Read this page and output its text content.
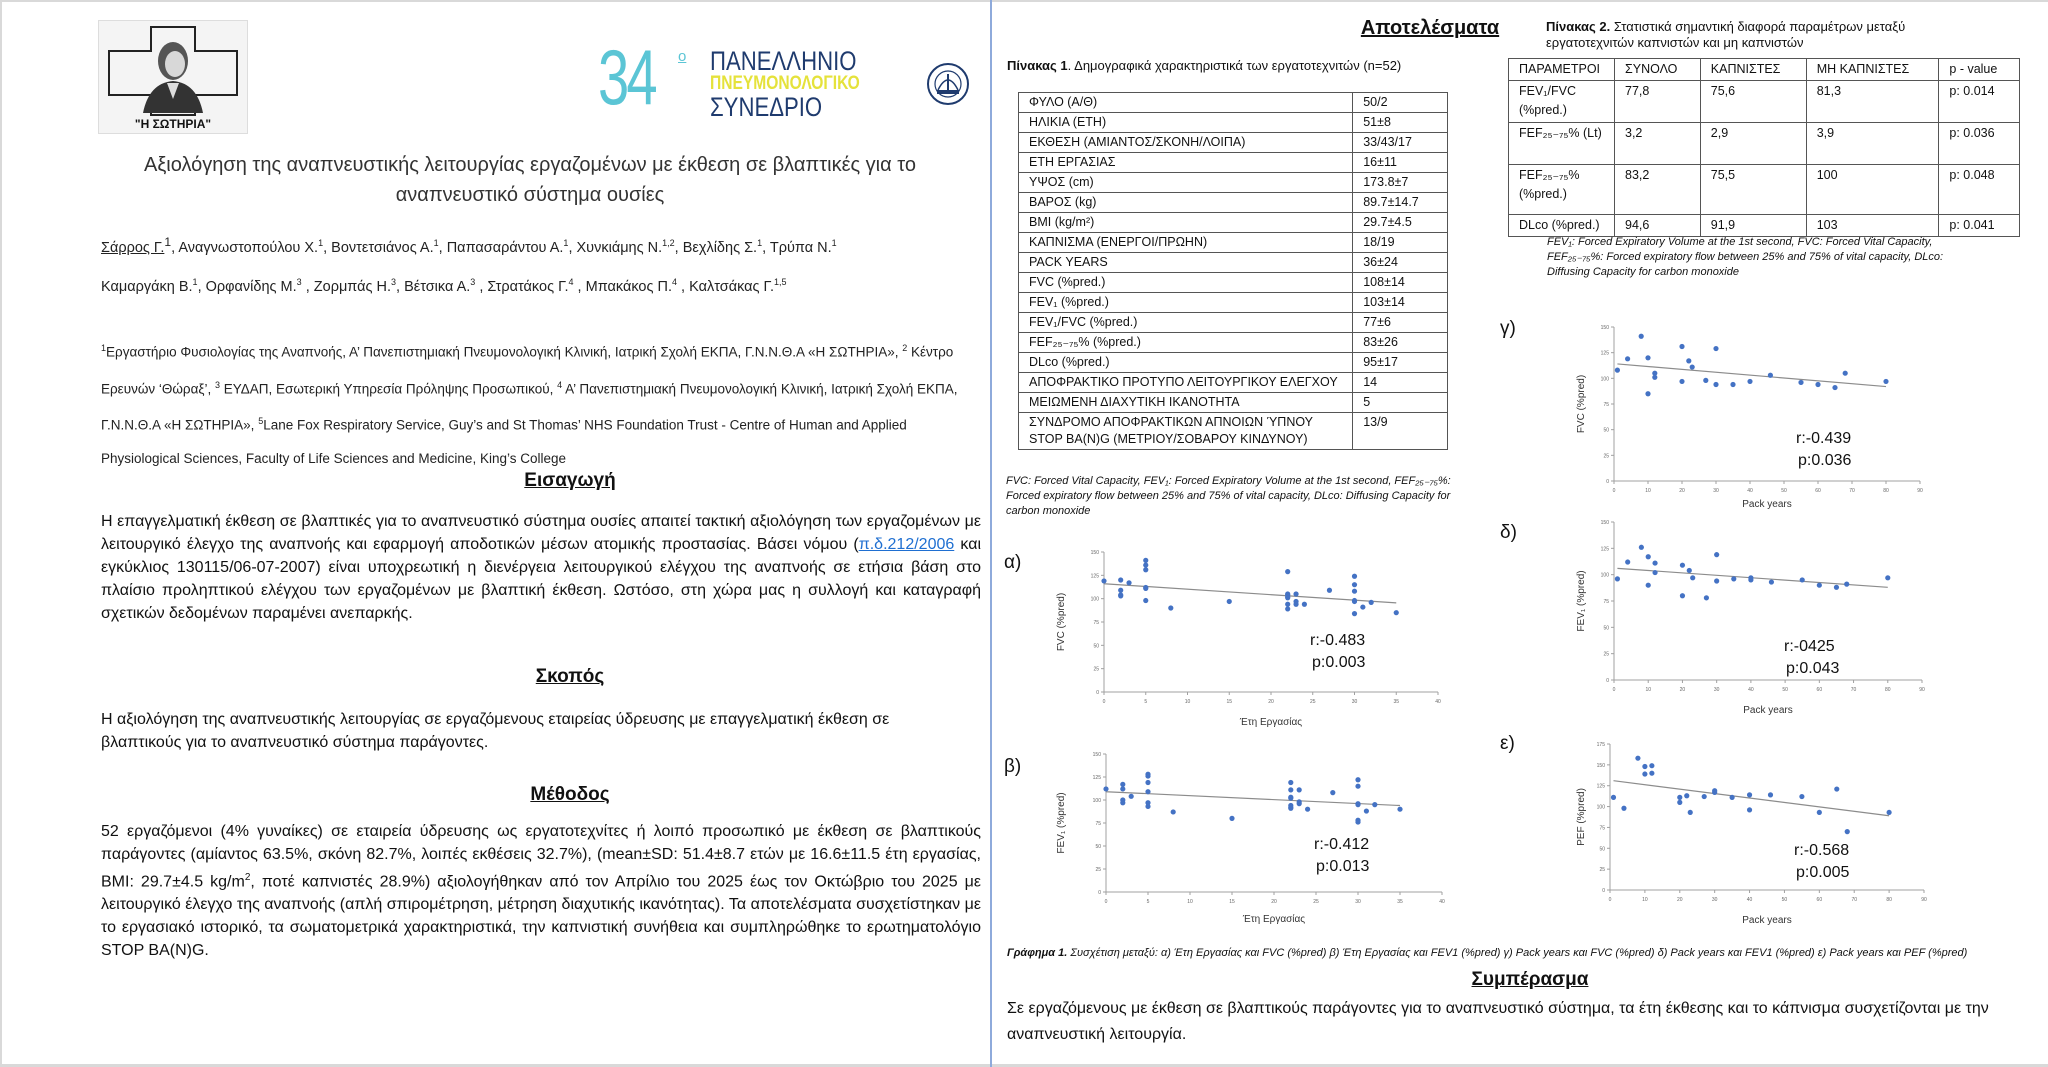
"Η ΣΩΤΗΡΙΑ"
34 ο ΠΑΝΕΛΛΗΝΙΟ
ΠΝΕΥΜΟΝΟΛΟΓΙΚΟ
ΣΥΝΕΔΡΙΟ
Αξιολόγηση της αναπνευστικής λειτουργίας εργαζομένων με έκθεση σε βλαπτικές για το αναπνευστικό σύστημα ουσίες
Σάρρος Γ.$^1$, Αναγνωστοπούλου Χ.$^1$, Βοντετσιάνος Α.$^1$, Παπασαράντου Α.$^1$, Χυνκιάμης Ν.$^{1,2}$, Βεχλίδης Σ.$^1$, Τρύπα Ν.$^1$
Καμαργάκη Β.$^1$, Ορφανίδης Μ.$^3$ , Ζορμπάς Η.$^3$, Βέτσικα Α.$^3$ , Στρατάκος Γ.$^4$ , Μπακάκος Π.$^4$ , Καλτσάκας Γ.$^{1,5}$
$^1$Εργαστήριο Φυσιολογίας της Αναπνοής, Α’ Πανεπιστημιακή Πνευμονολογική Κλινική, Ιατρική Σχολή ΕΚΠΑ, Γ.Ν.Ν.Θ.Α «Η ΣΩΤΗΡΙΑ», $^2$ Κέντρο Ερευνών ‘Θώραξ’, $^3$ ΕΥΔΑΠ, Εσωτερική Υπηρεσία Πρόληψης Προσωπικού, $^4$ Α’ Πανεπιστημιακή Πνευμονολογική Κλινική, Ιατρική Σχολή ΕΚΠΑ, Γ.Ν.Ν.Θ.Α «Η ΣΩΤΗΡΙΑ», $^5$Lane Fox Respiratory Service, Guy’s and St Thomas’ NHS Foundation Trust - Centre of Human and Applied Physiological Sciences, Faculty of Life Sciences and Medicine, King’s College
Εισαγωγή
Η επαγγελματική έκθεση σε βλαπτικές για το αναπνευστικό σύστημα ουσίες απαιτεί τακτική αξιολόγηση των εργαζομένων με λειτουργικό έλεγχο της αναπνοής και εφαρμογή αποδοτικών μέσων ατομικής προστασίας. Βάσει νόμου (π.δ.212/2006 και εγκύκλιος 130115/06-07-2007) είναι υποχρεωτική η διενέργεια λειτουργικού ελέγχου της αναπνοής σε ετήσια βάση στο πλαίσιο προληπτικού ελέγχου των εργαζομένων με βλαπτική έκθεση. Ωστόσο, στη χώρα μας η συλλογή και καταγραφή σχετικών δεδομένων παραμένει ανεπαρκής.
Σκοπός
Η αξιολόγηση της αναπνευστικής λειτουργίας σε εργαζόμενους εταιρείας ύδρευσης με επαγγελματική έκθεση σε βλαπτικούς για το αναπνευστικό σύστημα παράγοντες.
Μέθοδος
52 εργαζόμενοι (4% γυναίκες) σε εταιρεία ύδρευσης ως εργατοτεχνίτες ή λοιπό προσωπικό με έκθεση σε βλαπτικούς παράγοντες (αμίαντος 63.5%, σκόνη 82.7%, λοιπές εκθέσεις 32.7%), (mean±SD: 51.4±8.7 ετών με 16.6±11.5 έτη εργασίας, BMI: 29.7±4.5 $kg/m^2$, ποτέ καπνιστές 28.9%) αξιολογήθηκαν από τον Απρίλιο του 2025 έως τον Οκτώβριο του 2025 με λειτουργικό έλεγχο της αναπνοής (απλή σπιρομέτρηση, μέτρηση διαχυτικής ικανότητας). Τα αποτελέσματα συσχετίστηκαν με το εργασιακό ιστορικό, τα σωματομετρικά χαρακτηριστικά, την καπνιστική συνήθεια και συμπληρώθηκε το ερωτηματολόγιο STOP BA(N)G.
Αποτελέσματα
Πίνακας 1. Δημογραφικά χαρακτηριστικά των εργατοτεχνιτών (n=52)
ΦΥΛΟ (Α/Θ)	50/2
ΗΛΙΚΙΑ (ΕΤΗ)	51±8
ΕΚΘΕΣΗ (ΑΜΙΑΝΤΟΣ/ΣΚΟΝΗ/ΛΟΙΠΑ)	33/43/17
ΕΤΗ ΕΡΓΑΣΙΑΣ	16±11
ΥΨΟΣ (cm)	173.8±7
ΒΑΡΟΣ (kg)	89.7±14.7
BMI (kg/m²)	29.7±4.5
ΚΑΠΝΙΣΜΑ (ΕΝΕΡΓΟΙ/ΠΡΩΗΝ)	18/19
PACK YEARS	36±24
FVC (%pred.)	108±14
FEV₁ (%pred.)	103±14
FEV₁/FVC (%pred.)	77±6
FEF₂₅₋₇₅% (%pred.)	83±26
DLco (%pred.)	95±17
ΑΠΟΦΡΑΚΤΙΚΟ ΠΡΟΤΥΠΟ ΛΕΙΤΟΥΡΓΙΚΟΥ ΕΛΕΓΧΟΥ	14
ΜΕΙΩΜΕΝΗ ΔΙΑΧΥΤΙΚΗ ΙΚΑΝΟΤΗΤΑ	5
ΣΥΝΔΡΟΜΟ ΑΠΟΦΡΑΚΤΙΚΩΝ ΑΠΝΟΙΩΝ ΎΠΝΟΥ STOP BA(N)G (ΜΕΤΡΙΟΥ/ΣΟΒΑΡΟΥ ΚΙΝΔΥΝΟΥ)	13/9
FVC: Forced Vital Capacity, FEV₁: Forced Expiratory Volume at the 1st second, FEF₂₅₋₇₅%: Forced expiratory flow between 25% and 75% of vital capacity, DLco: Diffusing Capacity for carbon monoxide
Πίνακας 2. Στατιστικά σημαντική διαφορά παραμέτρων μεταξύ εργατοτεχνιτών καπνιστών και μη καπνιστών
ΠΑΡΑΜΕΤΡΟΙ	ΣΥΝΟΛΟ	ΚΑΠΝΙΣΤΕΣ	ΜΗ ΚΑΠΝΙΣΤΕΣ	p - value
FEV₁/FVC (%pred.)	77,8	75,6	81,3	p: 0.014
FEF₂₅₋₇₅% (Lt)	3,2	2,9	3,9	p: 0.036
FEF₂₅₋₇₅% (%pred.)	83,2	75,5	100	p: 0.048
DLco (%pred.)	94,6	91,9	103	p: 0.041
FEV₁: Forced Expiratory Volume at the 1st second, FVC: Forced Vital Capacity, FEF₂₅₋₇₅%: Forced expiratory flow between 25% and 75% of vital capacity, DLco: Diffusing Capacity for carbon monoxide
α)
0
25
50
75
100
125
150
0	5	10	15	20	25	30	35	40
Έτη Εργασίας
FVC (%pred)	r:-0.483
p:0.003
β)
0
25
50
75
100
125
150
0	5	10	15	20	25	30	35	40
Έτη Εργασίας
FEV₁ (%pred)	r:-0.412
p:0.013
γ)
0
25
50
75
100
125
150
0	10	20	30	40	50	60	70	80	90
Pack years
FVC (%pred)
r:-0.439
p:0.036
δ)
0
25
50
75
100
125
150
0	10	20	30	40	50	60	70	80	90
Pack years
FEV₁ (%pred)
r:-0425
p:0.043
ε)
0
25
50
75
100
125
150
175
0	10	20	30	40	50	60	70	80	90
Pack years
PEF (%pred)
r:-0.568
p:0.005
Γράφημα 1. Συσχέτιση μεταξύ: α) Έτη Εργασίας και FVC (%pred) β) Έτη Εργασίας και FEV1 (%pred) γ) Pack years και FVC (%pred) δ) Pack years και FEV1 (%pred) ε) Pack years και PEF (%pred)
Συμπέρασμα
Σε εργαζόμενους με έκθεση σε βλαπτικούς παράγοντες για το αναπνευστικό σύστημα, τα έτη έκθεσης και το κάπνισμα συσχετίζονται με την αναπνευστική λειτουργία.
